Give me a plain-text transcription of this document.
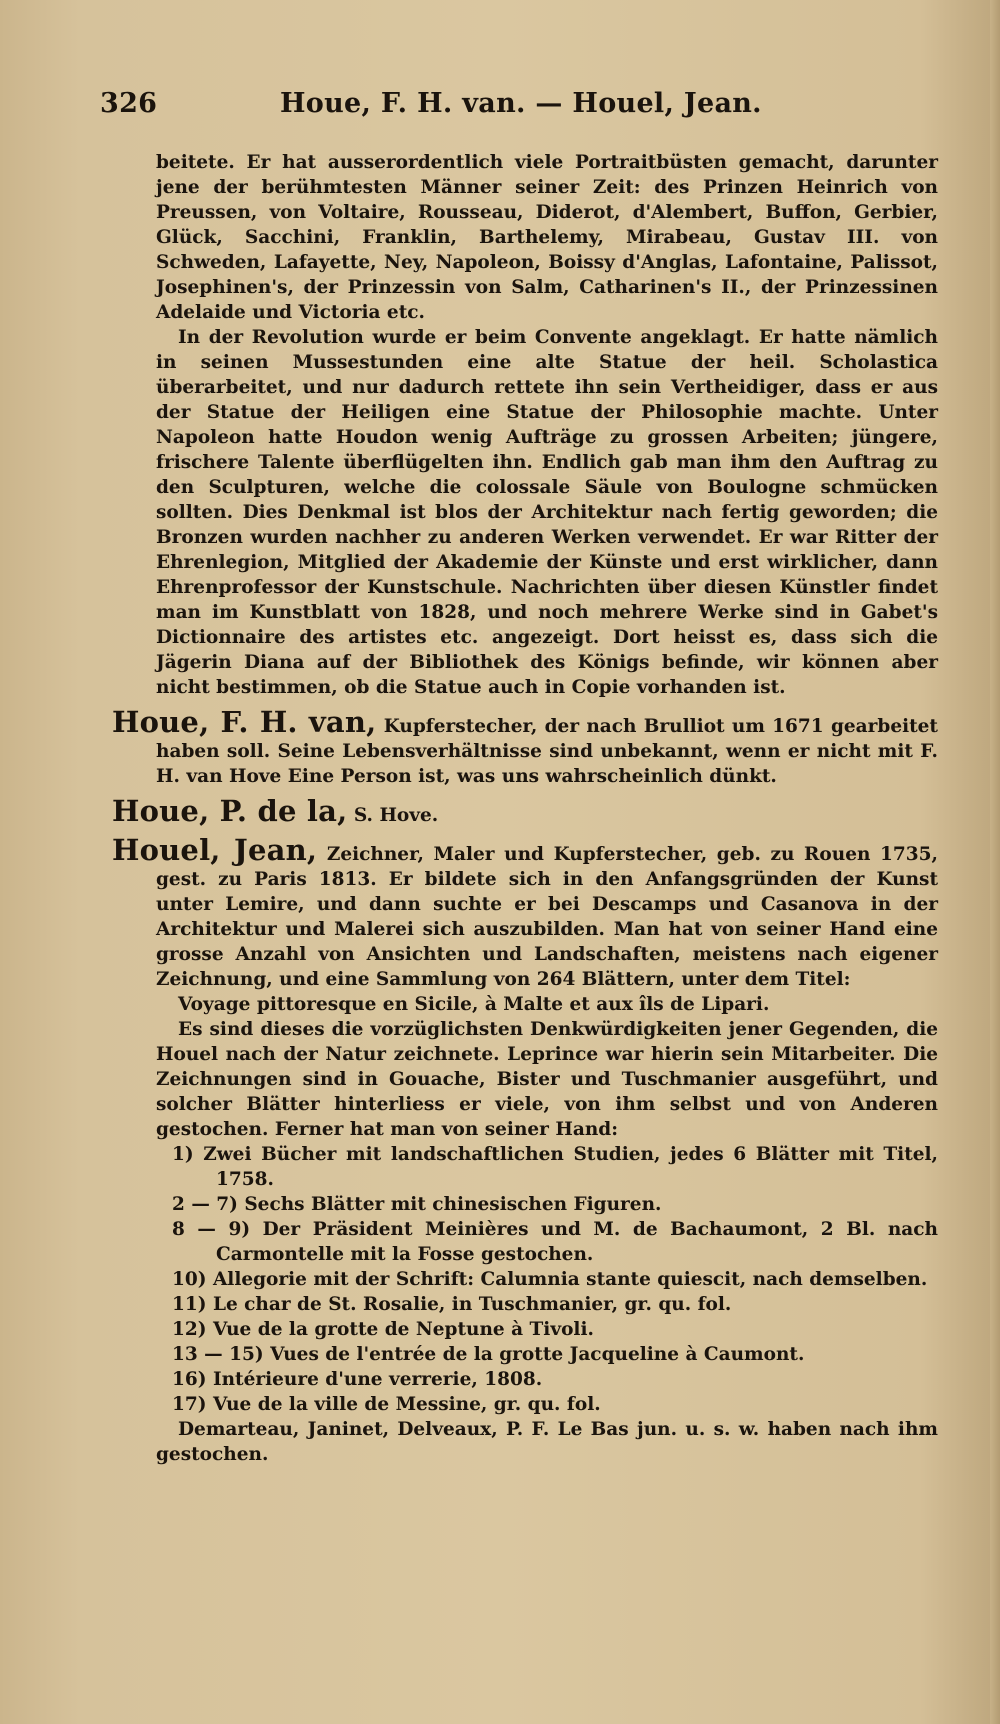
326	Houe, F. H. van. — Houel, Jean.

beitete. Er hat ausserordentlich viele Portraitbüsten gemacht, darunter jene der berühmtesten Männer seiner Zeit: des Prinzen Heinrich von Preussen, von Voltaire, Rousseau, Diderot, d'Alembert, Buffon, Gerbier, Glück, Sacchini, Franklin, Barthelemy, Mirabeau, Gustav III. von Schweden, Lafayette, Ney, Napoleon, Boissy d'Anglas, Lafontaine, Palissot, Josephinen's, der Prinzessin von Salm, Catharinen's II., der Prinzessinen Adelaide und Victoria etc.

In der Revolution wurde er beim Convente angeklagt. Er hatte nämlich in seinen Mussestunden eine alte Statue der heil. Scholastica überarbeitet, und nur dadurch rettete ihn sein Vertheidiger, dass er aus der Statue der Heiligen eine Statue der Philosophie machte. Unter Napoleon hatte Houdon wenig Aufträge zu grossen Arbeiten; jüngere, frischere Talente überflügelten ihn. Endlich gab man ihm den Auftrag zu den Sculpturen, welche die colossale Säule von Boulogne schmücken sollten. Dies Denkmal ist blos der Architektur nach fertig geworden; die Bronzen wurden nachher zu anderen Werken verwendet. Er war Ritter der Ehrenlegion, Mitglied der Akademie der Künste und erst wirklicher, dann Ehrenprofessor der Kunstschule. Nachrichten über diesen Künstler findet man im Kunstblatt von 1828, und noch mehrere Werke sind in Gabet's Dictionnaire des artistes etc. angezeigt. Dort heisst es, dass sich die Jägerin Diana auf der Bibliothek des Königs befinde, wir können aber nicht bestimmen, ob die Statue auch in Copie vorhanden ist.

Houe, F. H. van, Kupferstecher, der nach Brulliot um 1671 gearbeitet haben soll. Seine Lebensverhältnisse sind unbekannt, wenn er nicht mit F. H. van Hove Eine Person ist, was uns wahrscheinlich dünkt.

Houe, P. de la, S. Hove.

Houel, Jean, Zeichner, Maler und Kupferstecher, geb. zu Rouen 1735, gest. zu Paris 1813. Er bildete sich in den Anfangsgründen der Kunst unter Lemire, und dann suchte er bei Descamps und Casanova in der Architektur und Malerei sich auszubilden. Man hat von seiner Hand eine grosse Anzahl von Ansichten und Landschaften, meistens nach eigener Zeichnung, und eine Sammlung von 264 Blättern, unter dem Titel:

Voyage pittoresque en Sicile, à Malte et aux îls de Lipari.

Es sind dieses die vorzüglichsten Denkwürdigkeiten jener Gegenden, die Houel nach der Natur zeichnete. Leprince war hierin sein Mitarbeiter. Die Zeichnungen sind in Gouache, Bister und Tuschmanier ausgeführt, und solcher Blätter hinterliess er viele, von ihm selbst und von Anderen gestochen. Ferner hat man von seiner Hand:

1) Zwei Bücher mit landschaftlichen Studien, jedes 6 Blätter mit Titel, 1758.

2 — 7) Sechs Blätter mit chinesischen Figuren.

8 — 9) Der Präsident Meinières und M. de Bachaumont, 2 Bl. nach Carmontelle mit la Fosse gestochen.

10) Allegorie mit der Schrift: Calumnia stante quiescit, nach demselben.

11) Le char de St. Rosalie, in Tuschmanier, gr. qu. fol.

12) Vue de la grotte de Neptune à Tivoli.

13 — 15) Vues de l'entrée de la grotte Jacqueline à Caumont.

16) Intérieure d'une verrerie, 1808.

17) Vue de la ville de Messine, gr. qu. fol.

Demarteau, Janinet, Delveaux, P. F. Le Bas jun. u. s. w. haben nach ihm gestochen.
